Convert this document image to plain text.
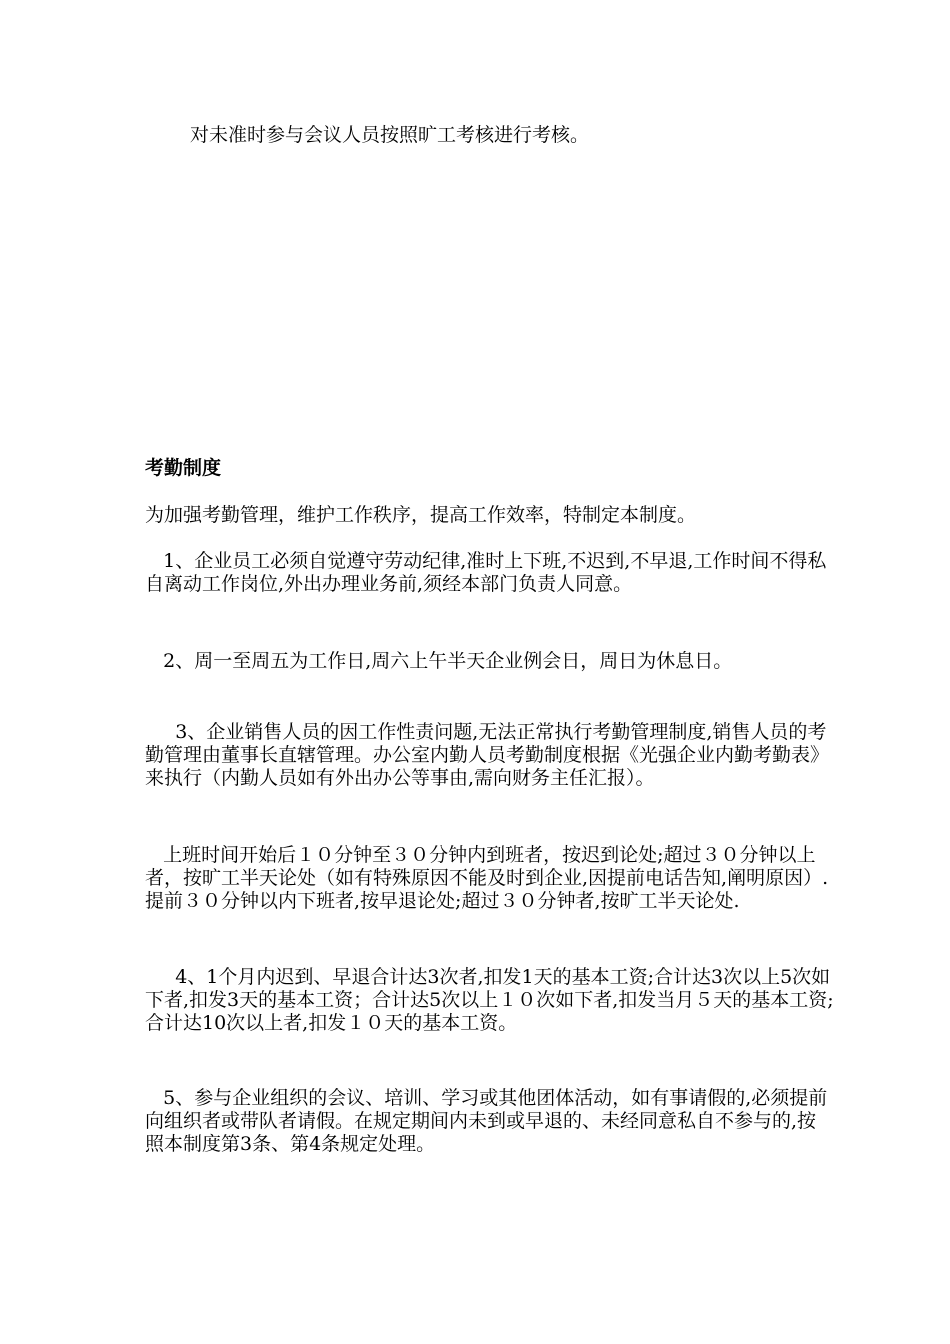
对未准时参与会议人员按照旷工考核进行考核。

考勤制度

为加强考勤管理，维护工作秩序，提高工作效率，特制定本制度。

1、企业员工必须自觉遵守劳动纪律,准时上下班,不迟到,不早退,工作时间不得私自离动工作岗位,外出办理业务前,须经本部门负责人同意。

2、周一至周五为工作日,周六上午半天企业例会日，周日为休息日。

3、企业销售人员的因工作性责问题,无法正常执行考勤管理制度,销售人员的考勤管理由董事长直辖管理。办公室内勤人员考勤制度根据《光强企业内勤考勤表》来执行（内勤人员如有外出办公等事由,需向财务主任汇报）。

上班时间开始后１０分钟至３０分钟内到班者，按迟到论处;超过３０分钟以上者，按旷工半天论处（如有特殊原因不能及时到企业,因提前电话告知,阐明原因）.提前３０分钟以内下班者,按早退论处;超过３０分钟者,按旷工半天论处.

4、1个月内迟到、早退合计达3次者,扣发1天的基本工资;合计达3次以上5次如下者,扣发3天的基本工资；合计达5次以上１０次如下者,扣发当月５天的基本工资;合计达10次以上者,扣发１０天的基本工资。

5、参与企业组织的会议、培训、学习或其他团体活动，如有事请假的,必须提前向组织者或带队者请假。在规定期间内未到或早退的、未经同意私自不参与的,按照本制度第3条、第4条规定处理。
